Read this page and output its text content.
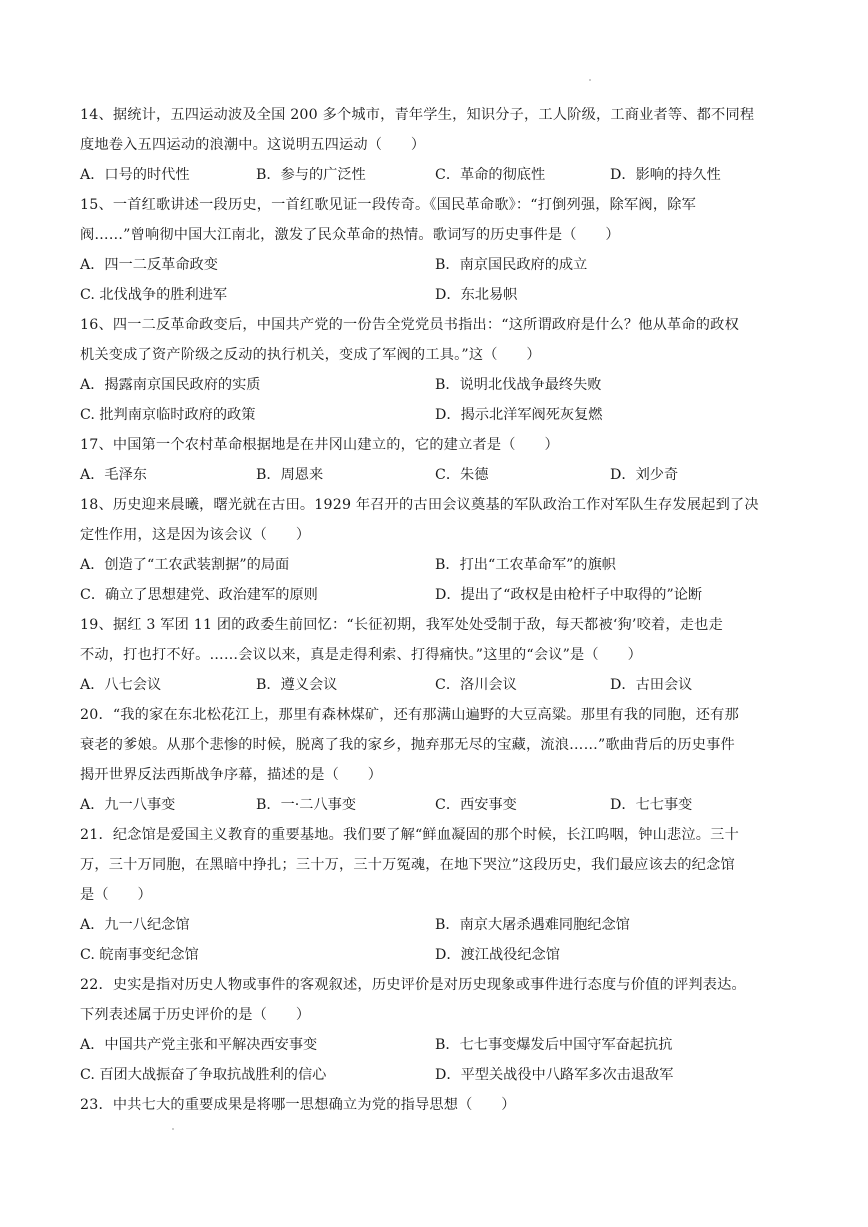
14、据统计，五四运动波及全国 200 多个城市，青年学生，知识分子，工人阶级，工商业者等、都不同程
度地卷入五四运动的浪潮中。这说明五四运动（　　）
A．口号的时代性	B．参与的广泛性	C．革命的彻底性	D．影响的持久性
15、一首红歌讲述一段历史，一首红歌见证一段传奇。《国民革命歌》：“打倒列强，除军阀，除军
阀……”曾响彻中国大江南北，激发了民众革命的热情。歌词写的历史事件是（　　）
A．四一二反革命政变	B．南京国民政府的成立
C. 北伐战争的胜利进军	D．东北易帜
16、四一二反革命政变后，中国共产党的一份告全党党员书指出：“这所谓政府是什么？他从革命的政权
机关变成了资产阶级之反动的执行机关，变成了军阀的工具。”这（　　）
A．揭露南京国民政府的实质	B．说明北伐战争最终失败
C. 批判南京临时政府的政策	D．揭示北洋军阀死灰复燃
17、中国第一个农村革命根据地是在井冈山建立的，它的建立者是（　　）
A．毛泽东	B．周恩来	C．朱德	D．刘少奇
18、历史迎来晨曦，曙光就在古田。1929 年召开的古田会议奠基的军队政治工作对军队生存发展起到了决
定性作用，这是因为该会议（　　）
A．创造了“工农武装割据”的局面	B．打出“工农革命军”的旗帜
C．确立了思想建党、政治建军的原则	D．提出了“政权是由枪杆子中取得的”论断
19、据红 3 军团 11 团的政委生前回忆：“长征初期，我军处处受制于敌，每天都被‘狗’咬着，走也走
不动，打也打不好。……会议以来，真是走得利索、打得痛快。”这里的“会议”是（　　）
A．八七会议	B．遵义会议	C．洛川会议	D．古田会议
20．“我的家在东北松花江上，那里有森林煤矿，还有那满山遍野的大豆高粱。那里有我的同胞，还有那
衰老的爹娘。从那个悲惨的时候，脱离了我的家乡，抛弃那无尽的宝藏，流浪……”歌曲背后的历史事件
揭开世界反法西斯战争序幕，描述的是（　　）
A．九一八事变	B．一·二八事变	C．西安事变	D．七七事变
21．纪念馆是爱国主义教育的重要基地。我们要了解“鲜血凝固的那个时候，长江呜咽，钟山悲泣。三十
万，三十万同胞，在黑暗中挣扎；三十万，三十万冤魂，在地下哭泣”这段历史，我们最应该去的纪念馆
是（　　）
A．九一八纪念馆	B．南京大屠杀遇难同胞纪念馆
C. 皖南事变纪念馆	D．渡江战役纪念馆
22．史实是指对历史人物或事件的客观叙述，历史评价是对历史现象或事件进行态度与价值的评判表达。
下列表述属于历史评价的是（　　）
A．中国共产党主张和平解决西安事变	B．七七事变爆发后中国守军奋起抗抗
C. 百团大战振奋了争取抗战胜利的信心	D．平型关战役中八路军多次击退敌军
23．中共七大的重要成果是将哪一思想确立为党的指导思想（　　）
